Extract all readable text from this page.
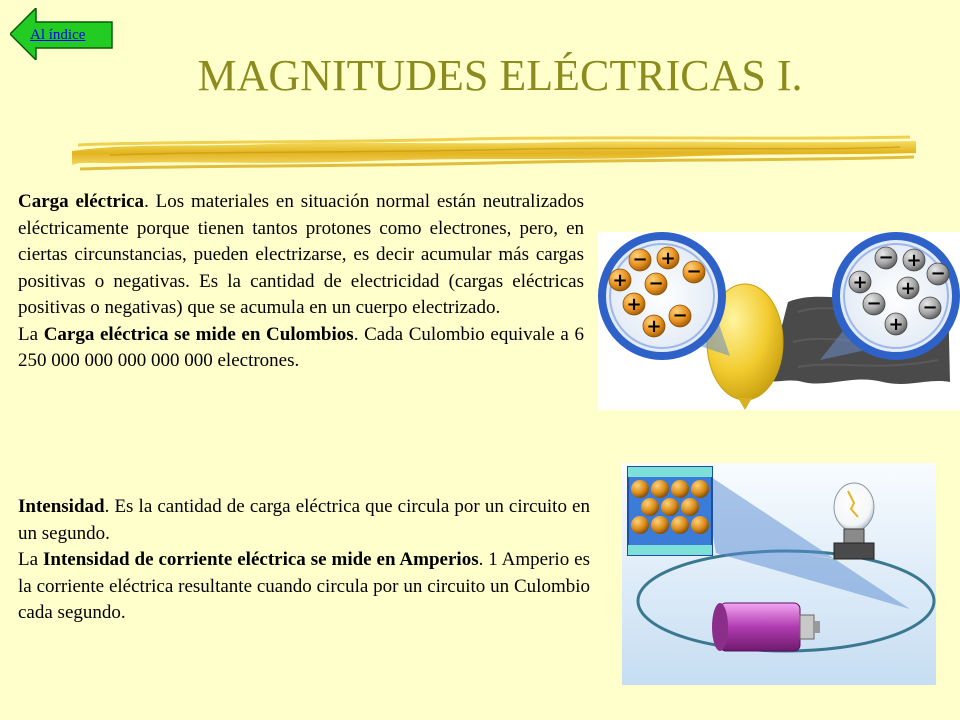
Al índice
MAGNITUDES ELÉCTRICAS I.

Carga eléctrica. Los materiales en situación normal están neutralizados eléctricamente porque tienen tantos protones como electrones, pero, en ciertas circunstancias, pueden electrizarse, es decir acumular más cargas positivas o negativas. Es la cantidad de electricidad (cargas eléctricas positivas o negativas) que se acumula en un cuerpo electrizado.

La Carga eléctrica se mide en Culombios. Cada Culombio equivale a 6 250 000 000 000 000 000 electrones.

Intensidad. Es la cantidad de carga eléctrica que circula por un circuito en un segundo.

La Intensidad de corriente eléctrica se mide en Amperios. 1 Amperio es la corriente eléctrica resultante cuando circula por un circuito un Culombio cada segundo.

− +
−
+ −
+
−
+
− +
−
+ +
− −
+
